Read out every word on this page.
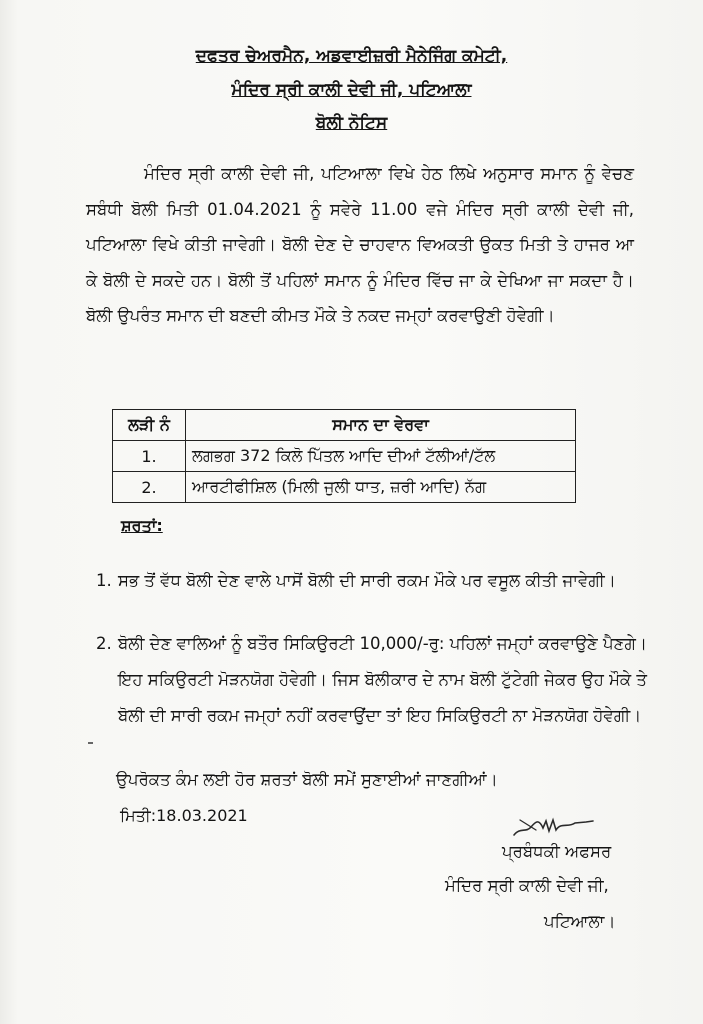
ਦਫਤਰ ਚੇਅਰਮੈਨ, ਅਡਵਾਈਜ਼ਰੀ ਮੈਨੇਜਿੰਗ ਕਮੇਟੀ,
ਮੰਦਿਰ ਸ੍ਰੀ ਕਾਲੀ ਦੇਵੀ ਜੀ, ਪਟਿਆਲਾ
ਬੋਲੀ ਨੋਟਿਸ
ਮੰਦਿਰ ਸ੍ਰੀ ਕਾਲੀ ਦੇਵੀ ਜੀ, ਪਟਿਆਲਾ ਵਿਖੇ ਹੇਠ ਲਿਖੇ ਅਨੁਸਾਰ ਸਮਾਨ ਨੂੰ ਵੇਚਣ ਸਬੰਧੀ ਬੋਲੀ ਮਿਤੀ 01.04.2021 ਨੂੰ ਸਵੇਰੇ 11.00 ਵਜੇ ਮੰਦਿਰ ਸ੍ਰੀ ਕਾਲੀ ਦੇਵੀ ਜੀ, ਪਟਿਆਲਾ ਵਿਖੇ ਕੀਤੀ ਜਾਵੇਗੀ। ਬੋਲੀ ਦੇਣ ਦੇ ਚਾਹਵਾਨ ਵਿਅਕਤੀ ਉਕਤ ਮਿਤੀ ਤੇ ਹਾਜਰ ਆ ਕੇ ਬੋਲੀ ਦੇ ਸਕਦੇ ਹਨ। ਬੋਲੀ ਤੋਂ ਪਹਿਲਾਂ ਸਮਾਨ ਨੂੰ ਮੰਦਿਰ ਵਿੱਚ ਜਾ ਕੇ ਦੇਖਿਆ ਜਾ ਸਕਦਾ ਹੈ। ਬੋਲੀ ਉਪਰੰਤ ਸਮਾਨ ਦੀ ਬਣਦੀ ਕੀਮਤ ਮੌਕੇ ਤੇ ਨਕਦ ਜਮ੍ਹਾਂ ਕਰਵਾਉਣੀ ਹੋਵੇਗੀ।
ਲੜੀ ਨੰ	ਸਮਾਨ ਦਾ ਵੇਰਵਾ
1.	ਲਗਭਗ 372 ਕਿਲੋ ਪਿੱਤਲ ਆਦਿ ਦੀਆਂ ਟੱਲੀਆਂ/ਟੱਲ
2.	ਆਰਟੀਫੀਸ਼ਿਲ (ਮਿਲੀ ਜੁਲੀ ਧਾਤ, ਜ਼ਰੀ ਆਦਿ) ਨੱਗ
ਸ਼ਰਤਾਂ:
1. ਸਭ ਤੋਂ ਵੱਧ ਬੋਲੀ ਦੇਣ ਵਾਲੇ ਪਾਸੋਂ ਬੋਲੀ ਦੀ ਸਾਰੀ ਰਕਮ ਮੌਕੇ ਪਰ ਵਸੂਲ ਕੀਤੀ ਜਾਵੇਗੀ।
2. ਬੋਲੀ ਦੇਣ ਵਾਲਿਆਂ ਨੂੰ ਬਤੌਰ ਸਿਕਿਉਰਟੀ 10,000/-ਰੁ: ਪਹਿਲਾਂ ਜਮ੍ਹਾਂ ਕਰਵਾਉਣੇ ਪੈਣਗੇ। ਇਹ ਸਕਿਉਰਟੀ ਮੋੜਨਯੋਗ ਹੋਵੇਗੀ। ਜਿਸ ਬੋਲੀਕਾਰ ਦੇ ਨਾਮ ਬੋਲੀ ਟੁੱਟੇਗੀ ਜੇਕਰ ਉਹ ਮੌਕੇ ਤੇ ਬੋਲੀ ਦੀ ਸਾਰੀ ਰਕਮ ਜਮ੍ਹਾਂ ਨਹੀਂ ਕਰਵਾਉਂਦਾ ਤਾਂ ਇਹ ਸਿਕਿਉਰਟੀ ਨਾ ਮੋੜਨਯੋਗ ਹੋਵੇਗੀ।
ਉਪਰੋਕਤ ਕੰਮ ਲਈ ਹੋਰ ਸ਼ਰਤਾਂ ਬੋਲੀ ਸਮੇਂ ਸੁਣਾਈਆਂ ਜਾਣਗੀਆਂ।
ਮਿਤੀ:18.03.2021
ਪ੍ਰਬੰਧਕੀ ਅਫਸਰ
ਮੰਦਿਰ ਸ੍ਰੀ ਕਾਲੀ ਦੇਵੀ ਜੀ,
ਪਟਿਆਲਾ।
